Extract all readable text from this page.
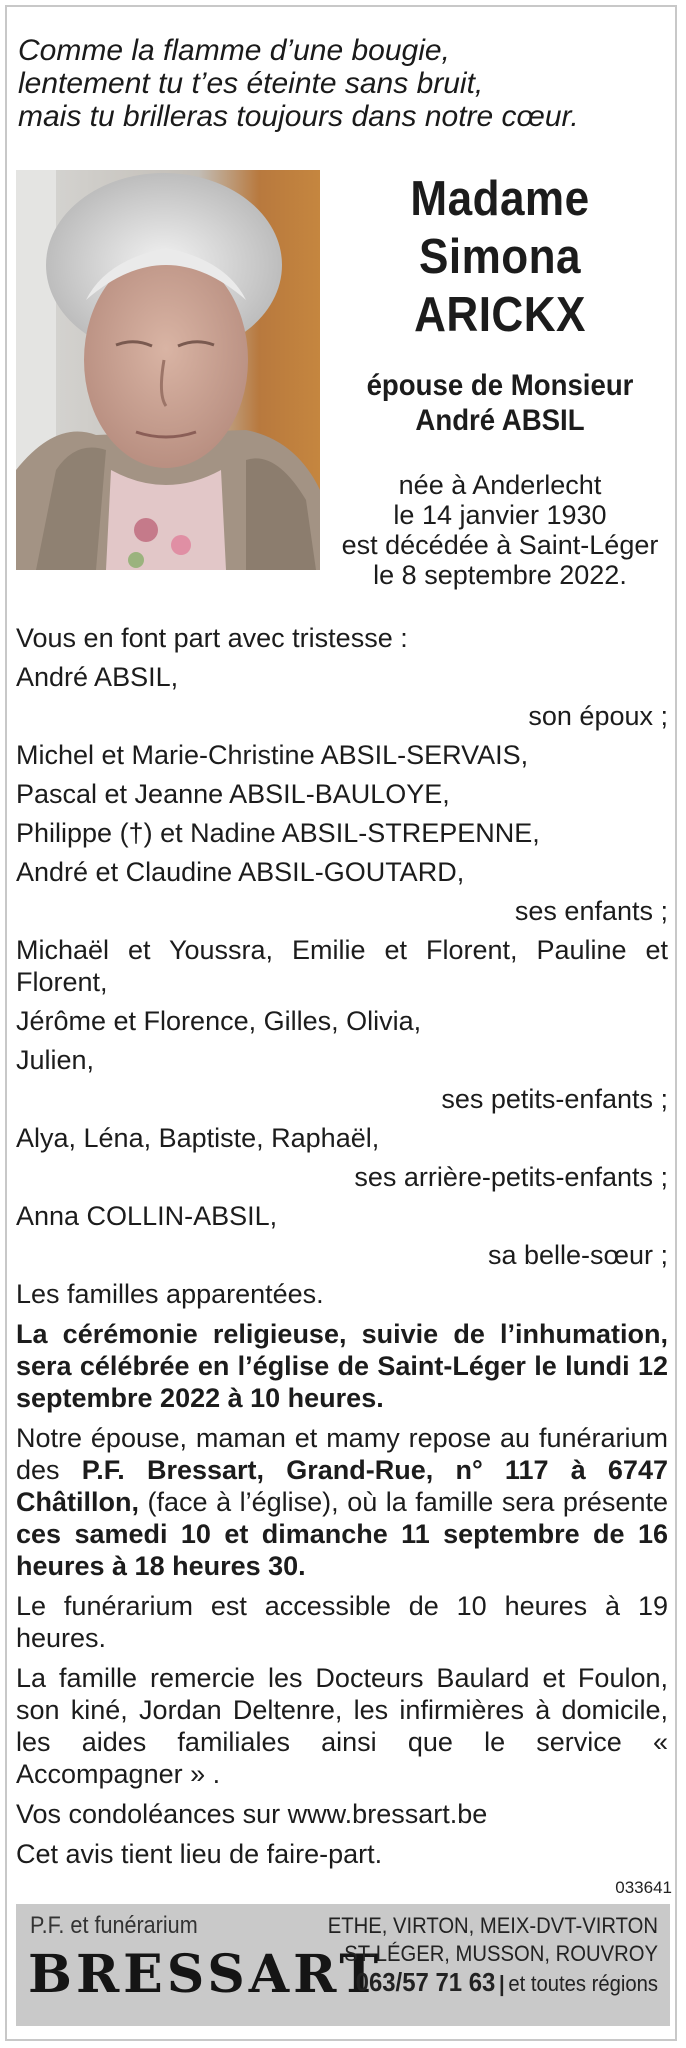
Comme la flamme d’une bougie,
lentement tu t’es éteinte sans bruit,
mais tu brilleras toujours dans notre cœur.
Madame
Simona
ARICKX
épouse de Monsieur
André ABSIL
née à Anderlecht
le 14 janvier 1930
est décédée à Saint-Léger
le 8 septembre 2022.
Vous en font part avec tristesse :
André ABSIL,
son époux ;
Michel et Marie-Christine ABSIL-SERVAIS,
Pascal et Jeanne ABSIL-BAULOYE,
Philippe (†) et Nadine ABSIL-STREPENNE,
André et Claudine ABSIL-GOUTARD,
ses enfants ;
Michaël et Youssra, Emilie et Florent, Pauline et Florent,
Jérôme et Florence, Gilles, Olivia,
Julien,
ses petits-enfants ;
Alya, Léna, Baptiste, Raphaël,
ses arrière-petits-enfants ;
Anna COLLIN-ABSIL,
sa belle-sœur ;
Les familles apparentées.
La cérémonie religieuse, suivie de l’inhumation, sera célébrée en l’église de Saint-Léger le lundi 12 septembre 2022 à 10 heures.
Notre épouse, maman et mamy repose au funérarium des P.F. Bressart, Grand-Rue, n° 117 à 6747 Châtillon, (face à l’église), où la famille sera présente ces samedi 10 et dimanche 11 septembre de 16 heures à 18 heures 30.
Le funérarium est accessible de 10 heures à 19 heures.
La famille remercie les Docteurs Baulard et Foulon, son kiné, Jordan Deltenre, les infirmières à domicile, les aides familiales ainsi que le service « Accompagner » .
Vos condoléances sur www.bressart.be
Cet avis tient lieu de faire-part.
033641
P.F. et funérarium
BRESSART
ETHE, VIRTON, MEIX-DVT-VIRTON
ST-LÉGER, MUSSON, ROUVROY
063/57 71 63 | et toutes régions
